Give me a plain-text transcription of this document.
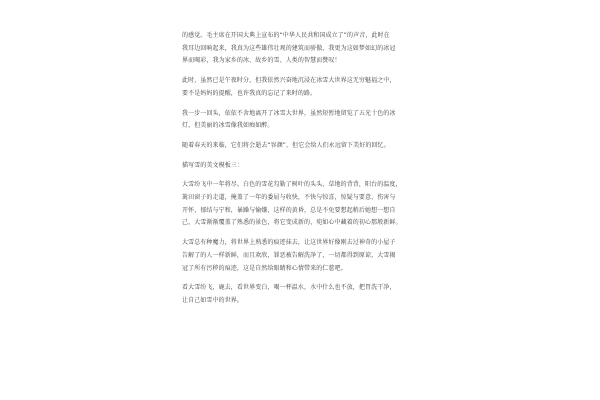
的感觉。毛主席在开国大典上宣布的“中华人民共和国成立了”的声音，此时在
我耳边回响起来，我真为这些雄伟壮观的建筑而骄傲，我更为这如梦如幻的冰冠
界而喝彩，我为家乡的冰、故乡的雪、人类的智慧而赞叹！

此时，虽然已是午夜时分，但我依然兴奋地沉浸在冰雪大世界这无穷魅福之中，
要不是妈妈的提醒，也许我真的忘记了来时的路。

我一步一回头，依依不舍地离开了冰雪大世界，虽然短暂地留览了五光十色的冰
灯，但美丽的冰雪像我如痴如醉。

随着春天的来临，它们将会逝去“容颜”，但它会给人们永远留下美好的回忆。

描写雪的美文模板三：

大雪纷飞中一年将尽。白色的雪花勾勒了树叶的头头，草地的背背，阳台的温度，
篱田窗子的走道，掩盖了一年的委屈与收快，不快与惊喜，惊疑与要意，伤害与
开怀，郁结与宁和，暴躁与愉嫌，这样的黄昏，总是不免要想起稍后她想一想自
己，大雪渐渐覆盖了熟悉的景色，将它变成新的，宛如心中藏着的初心那般新鲜。

大雪总有种魔力，将世界上熟悉的痕迹抹去，让这世界好像刚去过神奇的小屋子
告解了的人一样新鲜，而且欢欣，罪恶被告解洗净了，一切都得到原谅，大雪揭
冠了所有污秽的痕迹，这是自然给眼睛和心情带来的仁慈吧。

看大雪纷飞，鹿去，看世界变白，喝一杯温水，水中什么也不放，把胃洗干净，
让自己如雪中的世界。
